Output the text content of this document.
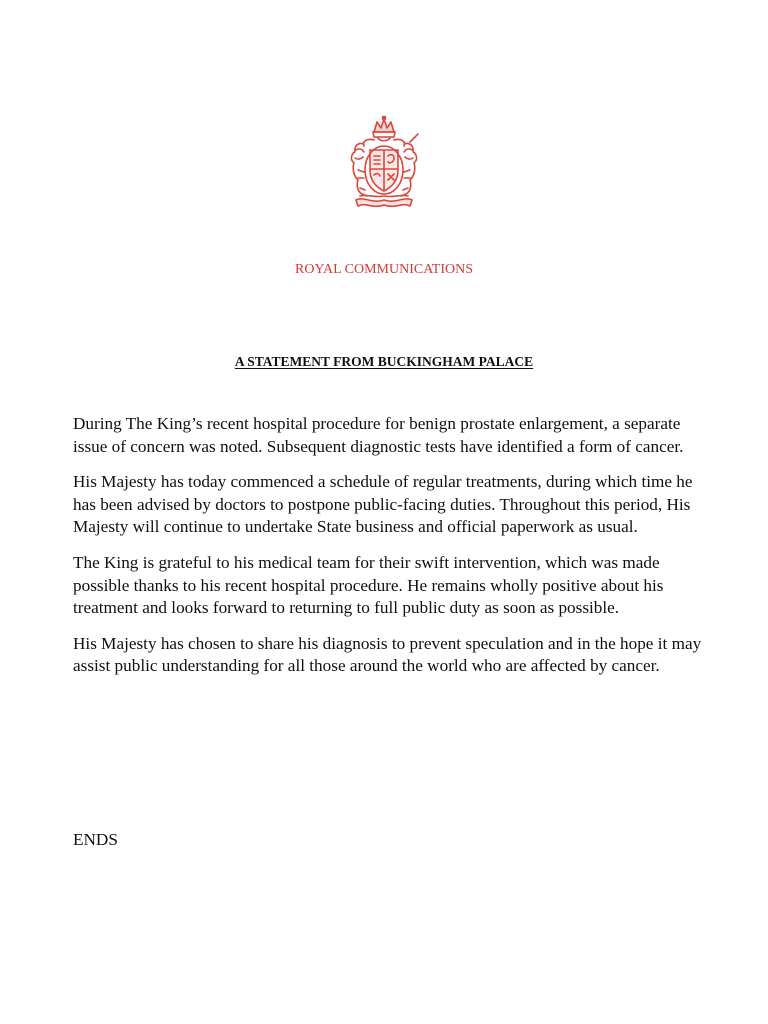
ROYAL COMMUNICATIONS
A STATEMENT FROM BUCKINGHAM PALACE

During The King’s recent hospital procedure for benign prostate enlargement, a separate issue of concern was noted. Subsequent diagnostic tests have identified a form of cancer.

His Majesty has today commenced a schedule of regular treatments, during which time he has been advised by doctors to postpone public-facing duties. Throughout this period, His Majesty will continue to undertake State business and official paperwork as usual.

The King is grateful to his medical team for their swift intervention, which was made possible thanks to his recent hospital procedure. He remains wholly positive about his treatment and looks forward to returning to full public duty as soon as possible.

His Majesty has chosen to share his diagnosis to prevent speculation and in the hope it may assist public understanding for all those around the world who are affected by cancer.

ENDS
